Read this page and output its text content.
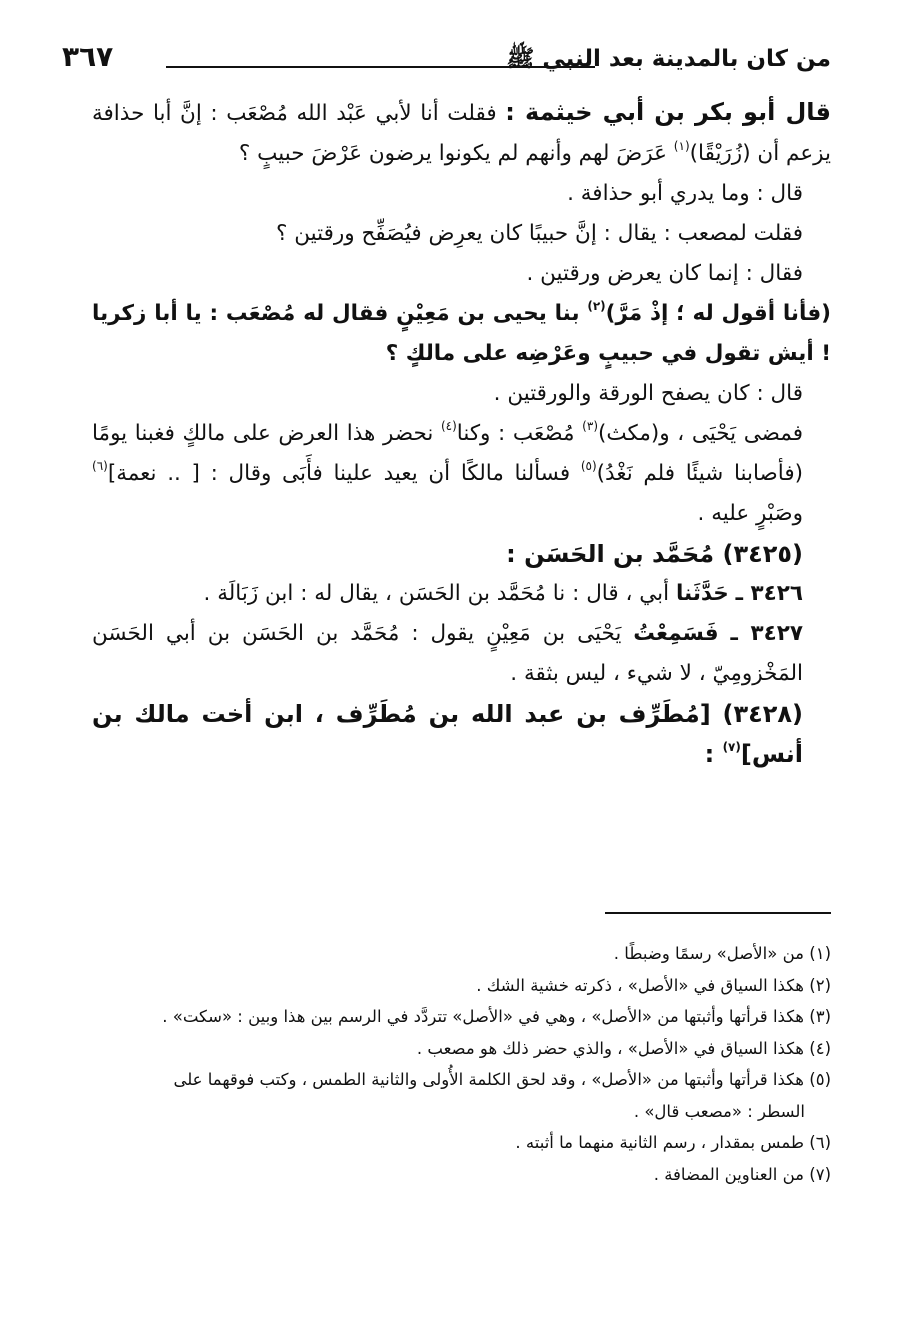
من كان بالمدينة بعد النبي ﷺ
٣٦٧

قال أبو بكر بن أبي خيثمة : فقلت أنا لأبي عَبْد الله مُصْعَب : إنَّ أبا حذافة يزعم أن (زُرَيْقًا)$^{(١)}$ عَرَضَ لهم وأنهم لم يكونوا يرضون عَرْضَ حبيبٍ ؟

قال : وما يدري أبو حذافة .

فقلت لمصعب : يقال : إنَّ حبيبًا كان يعرِض فيُصَفِّح ورقتين ؟

فقال : إنما كان يعرض ورقتين .

(فأنا أقول له ؛ إذْ مَرَّ)$^{(٢)}$ بنا يحيى بن مَعِيْنٍ فقال له مُصْعَب : يا أبا زكريا ! أيش تقول في حبيبٍ وعَرْضِه على مالكٍ ؟

قال : كان يصفح الورقة والورقتين .

فمضى يَحْيَى ، و(مكث)$^{(٣)}$ مُصْعَب : وكنا$^{(٤)}$ نحضر هذا العرض على مالكٍ فغبنا يومًا (فأصابنا شيئًا فلم نَغْدُ)$^{(٥)}$ فسألنا مالكًا أن يعيد علينا فأَبَى وقال : [ .. نعمة]$^{(٦)}$ وصَبْرٍ عليه .

(٣٤٢٥) مُحَمَّد بن الحَسَن :

٣٤٢٦ ـ حَدَّثَنا أبي ، قال : نا مُحَمَّد بن الحَسَن ، يقال له : ابن زَبَالَة .

٣٤٢٧ ـ فَسَمِعْتُ يَحْيَى بن مَعِيْنٍ يقول : مُحَمَّد بن الحَسَن بن أبي الحَسَن المَخْزومِيّ ، لا شيء ، ليس بثقة .

(٣٤٢٨) [مُطَرِّف بن عبد الله بن مُطَرِّف ، ابن أخت مالك بن أنس]$^{(٧)}$ :

(١) من «الأصل» رسمًا وضبطًا .

(٢) هكذا السياق في «الأصل» ، ذكرته خشية الشك .

(٣) هكذا قرأتها وأثبتها من «الأصل» ، وهي في «الأصل» تتردَّد في الرسم بين هذا وبين : «سكت» .

(٤) هكذا السياق في «الأصل» ، والذي حضر ذلك هو مصعب .

(٥) هكذا قرأتها وأثبتها من «الأصل» ، وقد لحق الكلمة الأُولى والثانية الطمس ، وكتب فوقهما على

السطر : «مصعب قال» .

(٦) طمس بمقدار ، رسم الثانية منهما ما أثبته .

(٧) من العناوين المضافة .
